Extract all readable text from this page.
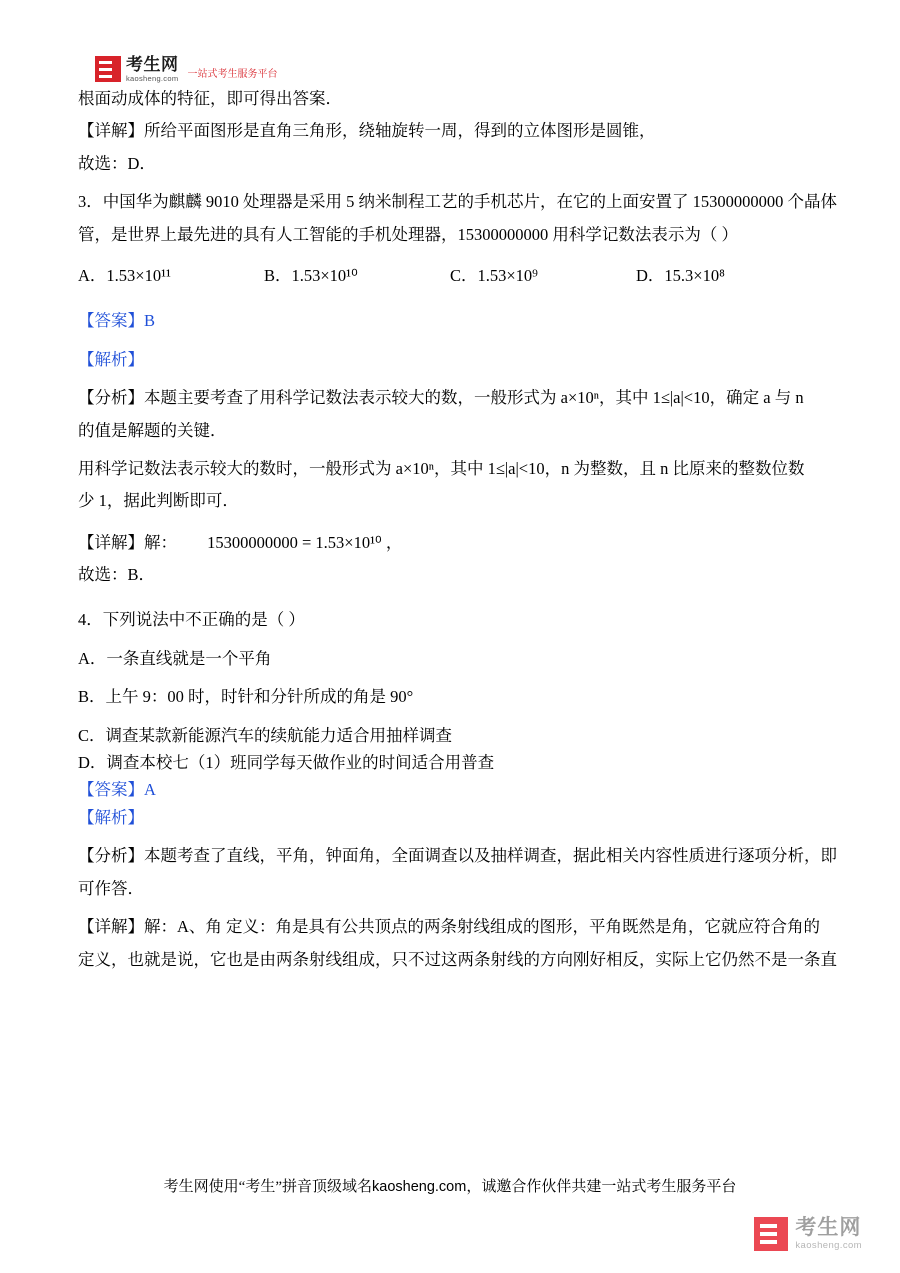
考生网
kaosheng.com 一站式考生服务平台

根面动成体的特征，即可得出答案．

【详解】所给平面图形是直角三角形，绕轴旋转一周，得到的立体图形是圆锥，

故选：D．

3．中国华为麒麟 9010 处理器是采用 5 纳米制程工艺的手机芯片，在它的上面安置了 15300000000 个晶体

管，是世界上最先进的具有人工智能的手机处理器，15300000000 用科学记数法表示为（ ）

A．1.53×10¹¹	B．1.53×10¹⁰	C．1.53×10⁹	D．15.3×10⁸

【答案】B

【解析】

【分析】本题主要考查了用科学记数法表示较大的数，一般形式为 a×10ⁿ，其中 1≤|a|<10，确定 a 与 n

的值是解题的关键．

用科学记数法表示较大的数时，一般形式为 a×10ⁿ，其中 1≤|a|<10，n 为整数，且 n 比原来的整数位数

少 1，据此判断即可．

【详解】解： 15300000000 = 1.53×10¹⁰ ，

故选：B．

4．下列说法中不正确的是（ ）

A．一条直线就是一个平角

B．上午 9：00 时，时针和分针所成的角是 90°

C．调查某款新能源汽车的续航能力适合用抽样调查

D．调查本校七（1）班同学每天做作业的时间适合用普查

【答案】A

【解析】

【分析】本题考查了直线，平角，钟面角，全面调查以及抽样调查，据此相关内容性质进行逐项分析，即

可作答．

【详解】解：A、角 定义：角是具有公共顶点的两条射线组成的图形，平角既然是角，它就应符合角的

定义，也就是说，它也是由两条射线组成，只不过这两条射线的方向刚好相反，实际上它仍然不是一条直

考生网使用“考生”拼音顶级域名kaosheng.com，诚邀合作伙伴共建一站式考生服务平台
考生网
kaosheng.com
